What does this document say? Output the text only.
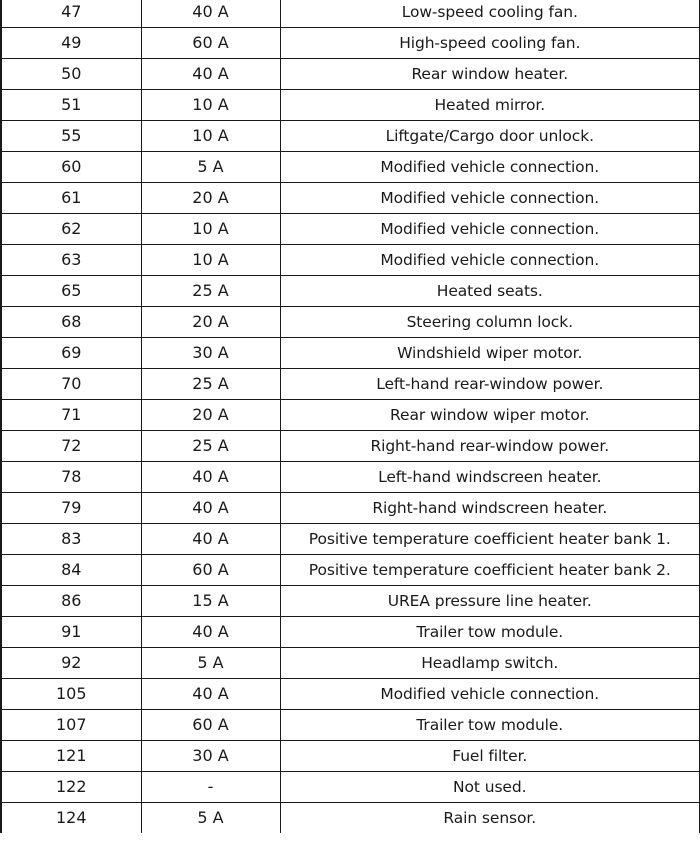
47	40 A	Low-speed cooling fan.
49	60 A	High-speed cooling fan.
50	40 A	Rear window heater.
51	10 A	Heated mirror.
55	10 A	Liftgate/Cargo door unlock.
60	5 A	Modified vehicle connection.
61	20 A	Modified vehicle connection.
62	10 A	Modified vehicle connection.
63	10 A	Modified vehicle connection.
65	25 A	Heated seats.
68	20 A	Steering column lock.
69	30 A	Windshield wiper motor.
70	25 A	Left-hand rear-window power.
71	20 A	Rear window wiper motor.
72	25 A	Right-hand rear-window power.
78	40 A	Left-hand windscreen heater.
79	40 A	Right-hand windscreen heater.
83	40 A	Positive temperature coefficient heater bank 1.
84	60 A	Positive temperature coefficient heater bank 2.
86	15 A	UREA pressure line heater.
91	40 A	Trailer tow module.
92	5 A	Headlamp switch.
105	40 A	Modified vehicle connection.
107	60 A	Trailer tow module.
121	30 A	Fuel filter.
122	-	Not used.
124	5 A	Rain sensor.
